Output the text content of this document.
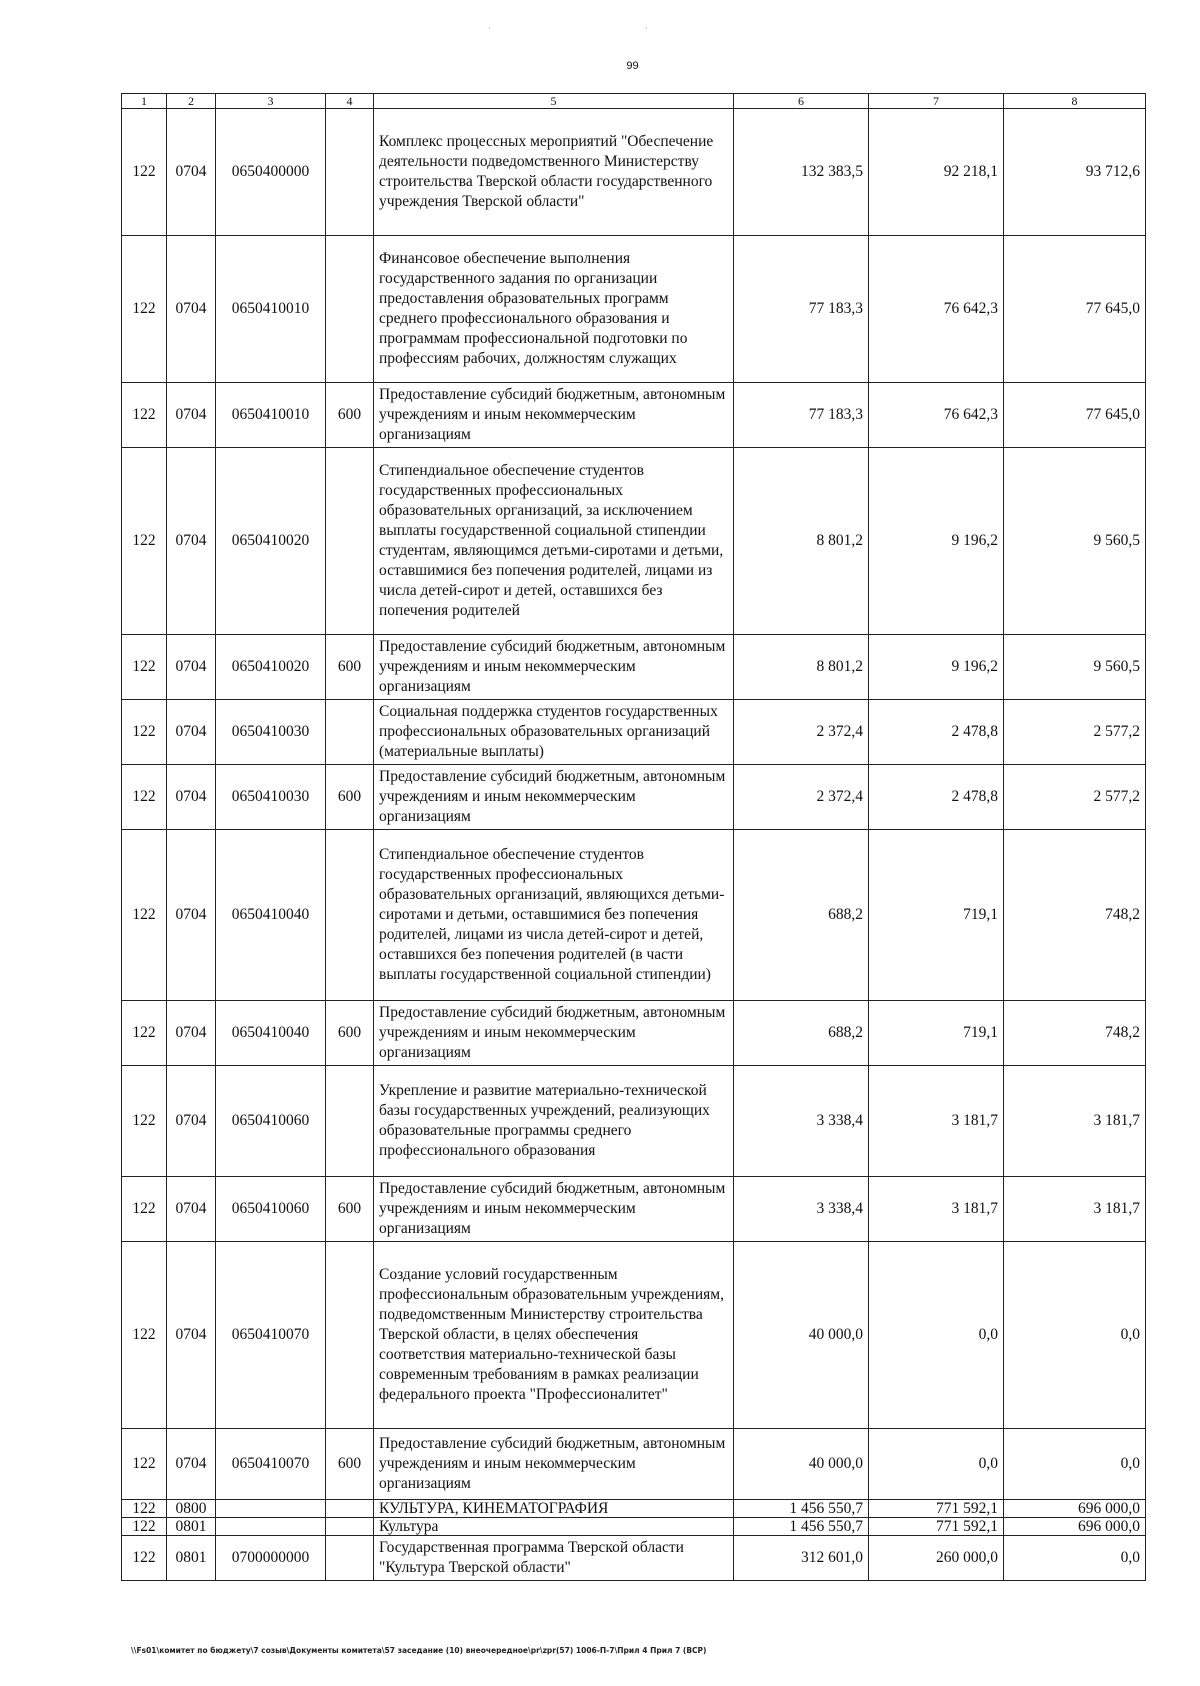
99
·	·
1	2	3	4	5	6	7	8
122	0704	0650400000		Комплекс процессных мероприятий "Обеспечение деятельности подведомственного Министерству строительства Тверской области государственного учреждения Тверской области"	132 383,5	92 218,1	93 712,6
122	0704	0650410010		Финансовое обеспечение выполнения государственного задания по организации предоставления образовательных программ среднего профессионального образования и программам профессиональной подготовки по профессиям рабочих, должностям служащих	77 183,3	76 642,3	77 645,0
122	0704	0650410010	600	Предоставление субсидий бюджетным, автономным учреждениям и иным некоммерческим организациям	77 183,3	76 642,3	77 645,0
122	0704	0650410020		Стипендиальное обеспечение студентов государственных профессиональных образовательных организаций, за исключением выплаты государственной социальной стипендии студентам, являющимся детьми-сиротами и детьми, оставшимися без попечения родителей, лицами из числа детей-сирот и детей, оставшихся без попечения родителей	8 801,2	9 196,2	9 560,5
122	0704	0650410020	600	Предоставление субсидий бюджетным, автономным учреждениям и иным некоммерческим организациям	8 801,2	9 196,2	9 560,5
122	0704	0650410030		Социальная поддержка студентов государственных профессиональных образовательных организаций (материальные выплаты)	2 372,4	2 478,8	2 577,2
122	0704	0650410030	600	Предоставление субсидий бюджетным, автономным учреждениям и иным некоммерческим организациям	2 372,4	2 478,8	2 577,2
122	0704	0650410040		Стипендиальное обеспечение студентов государственных профессиональных образовательных организаций, являющихся детьми-сиротами и детьми, оставшимися без попечения родителей, лицами из числа детей-сирот и детей, оставшихся без попечения родителей (в части выплаты государственной социальной стипендии)	688,2	719,1	748,2
122	0704	0650410040	600	Предоставление субсидий бюджетным, автономным учреждениям и иным некоммерческим организациям	688,2	719,1	748,2
122	0704	0650410060		Укрепление и развитие материально-технической базы государственных учреждений, реализующих образовательные программы среднего профессионального образования	3 338,4	3 181,7	3 181,7
122	0704	0650410060	600	Предоставление субсидий бюджетным, автономным учреждениям и иным некоммерческим организациям	3 338,4	3 181,7	3 181,7
122	0704	0650410070		Создание условий государственным профессиональным образовательным учреждениям, подведомственным Министерству строительства Тверской области, в целях обеспечения соответствия материально-технической базы современным требованиям в рамках реализации федерального проекта "Профессионалитет"	40 000,0	0,0	0,0
122	0704	0650410070	600	Предоставление субсидий бюджетным, автономным учреждениям и иным некоммерческим организациям	40 000,0	0,0	0,0
122	0800			КУЛЬТУРА, КИНЕМАТОГРАФИЯ	1 456 550,7	771 592,1	696 000,0
122	0801			Культура	1 456 550,7	771 592,1	696 000,0
122	0801	0700000000		Государственная программа Тверской области "Культура Тверской области"	312 601,0	260 000,0	0,0
\\Fs01\комитет по бюджету\7 созыв\Документы комитета\57 заседание (10) внеочередное\pr\zpr(57) 1006-П-7\Прил 4 Прил 7 (ВСР)
